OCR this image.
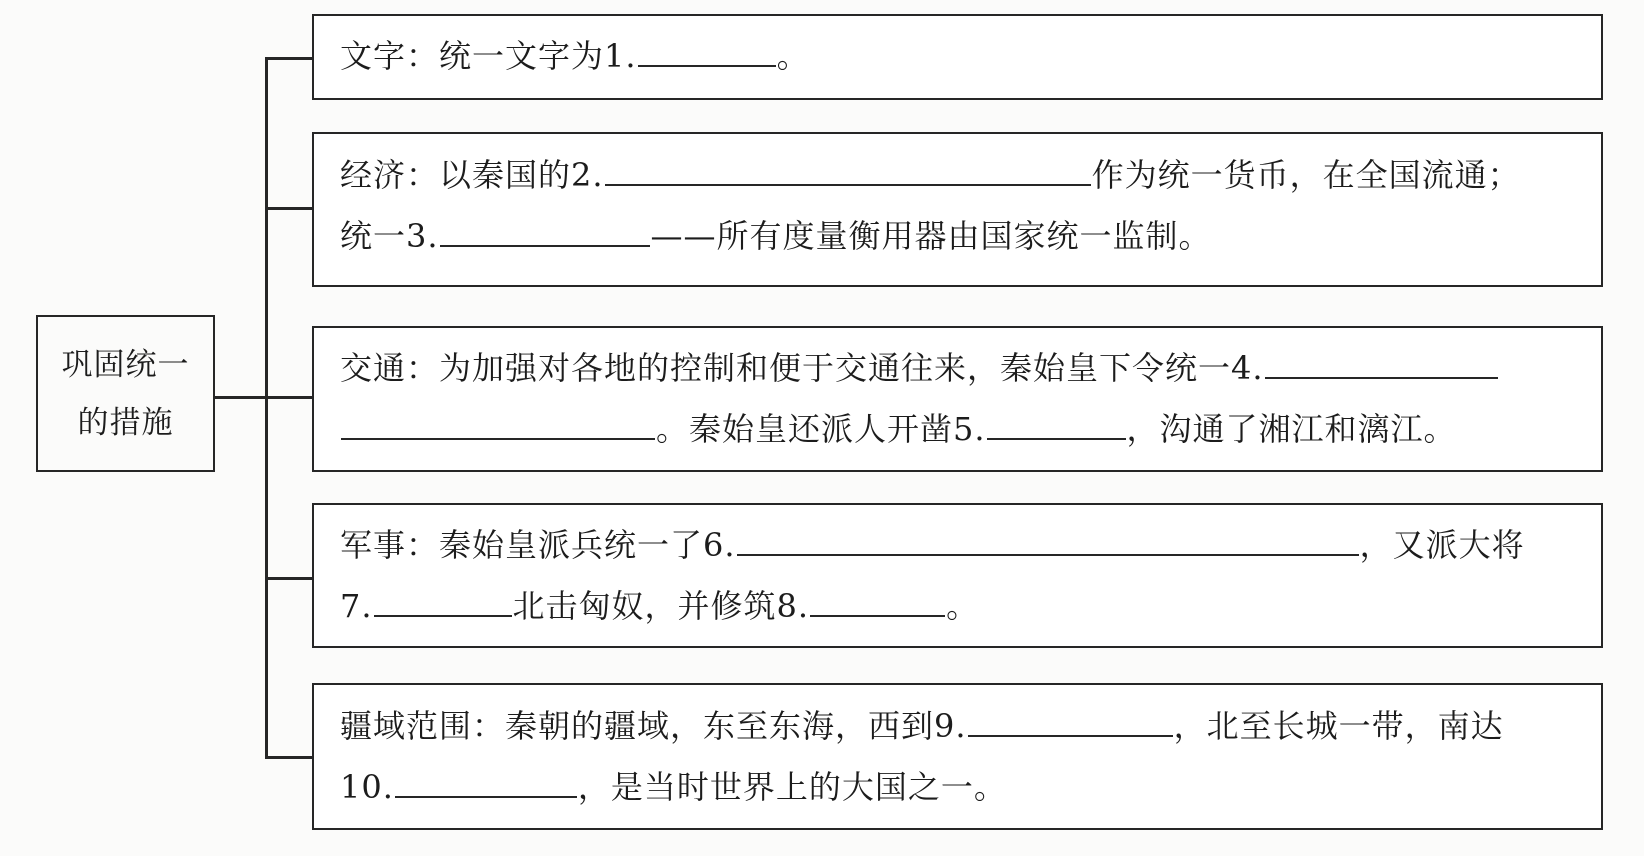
巩固统一
的措施
文字：统一文字为1.	。
经济：以秦国的2.	作为统一货币，在全国流通；
统一3.	——所有度量衡用器由国家统一监制。
交通：为加强对各地的控制和便于交通往来，秦始皇下令统一4.
。秦始皇还派人开凿5.	，沟通了湘江和漓江。
军事：秦始皇派兵统一了6.	，又派大将
7.	北击匈奴，并修筑8.	。
疆域范围：秦朝的疆域，东至东海，西到9.	，北至长城一带，南达
10.	，是当时世界上的大国之一。
